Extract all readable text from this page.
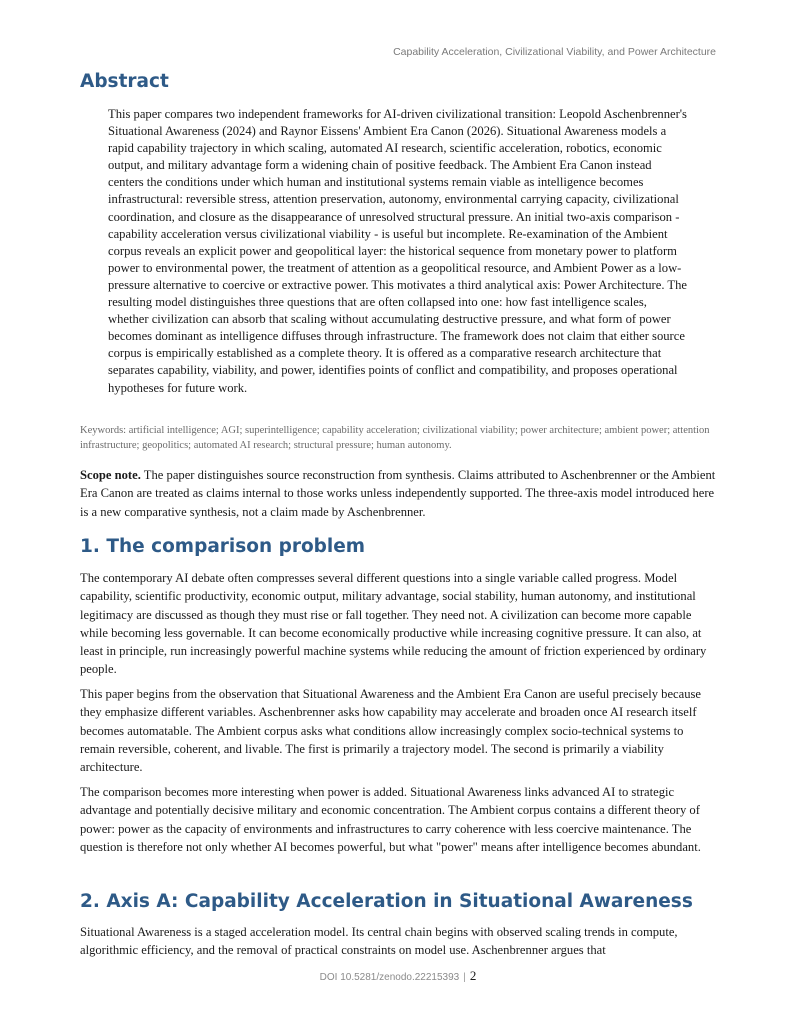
Capability Acceleration, Civilizational Viability, and Power Architecture
Abstract

This paper compares two independent frameworks for AI-driven civilizational transition: Leopold Aschenbrenner's Situational Awareness (2024) and Raynor Eissens' Ambient Era Canon (2026). Situational Awareness models a rapid capability trajectory in which scaling, automated AI research, scientific acceleration, robotics, economic output, and military advantage form a widening chain of positive feedback. The Ambient Era Canon instead centers the conditions under which human and institutional systems remain viable as intelligence becomes infrastructural: reversible stress, attention preservation, autonomy, environmental carrying capacity, civilizational coordination, and closure as the disappearance of unresolved structural pressure. An initial two-axis comparison - capability acceleration versus civilizational viability - is useful but incomplete. Re-examination of the Ambient corpus reveals an explicit power and geopolitical layer: the historical sequence from monetary power to platform power to environmental power, the treatment of attention as a geopolitical resource, and Ambient Power as a low-pressure alternative to coercive or extractive power. This motivates a third analytical axis: Power Architecture. The resulting model distinguishes three questions that are often collapsed into one: how fast intelligence scales, whether civilization can absorb that scaling without accumulating destructive pressure, and what form of power becomes dominant as intelligence diffuses through infrastructure. The framework does not claim that either source corpus is empirically established as a complete theory. It is offered as a comparative research architecture that separates capability, viability, and power, identifies points of conflict and compatibility, and proposes operational hypotheses for future work.

Keywords: artificial intelligence; AGI; superintelligence; capability acceleration; civilizational viability; power architecture; ambient power; attention infrastructure; geopolitics; automated AI research; structural pressure; human autonomy.

Scope note. The paper distinguishes source reconstruction from synthesis. Claims attributed to Aschenbrenner or the Ambient Era Canon are treated as claims internal to those works unless independently supported. The three-axis model introduced here is a new comparative synthesis, not a claim made by Aschenbrenner.

1. The comparison problem

The contemporary AI debate often compresses several different questions into a single variable called progress. Model capability, scientific productivity, economic output, military advantage, social stability, human autonomy, and institutional legitimacy are discussed as though they must rise or fall together. They need not. A civilization can become more capable while becoming less governable. It can become economically productive while increasing cognitive pressure. It can also, at least in principle, run increasingly powerful machine systems while reducing the amount of friction experienced by ordinary people.

This paper begins from the observation that Situational Awareness and the Ambient Era Canon are useful precisely because they emphasize different variables. Aschenbrenner asks how capability may accelerate and broaden once AI research itself becomes automatable. The Ambient corpus asks what conditions allow increasingly complex socio-technical systems to remain reversible, coherent, and livable. The first is primarily a trajectory model. The second is primarily a viability architecture.

The comparison becomes more interesting when power is added. Situational Awareness links advanced AI to strategic advantage and potentially decisive military and economic concentration. The Ambient corpus contains a different theory of power: power as the capacity of environments and infrastructures to carry coherence with less coercive maintenance. The question is therefore not only whether AI becomes powerful, but what "power" means after intelligence becomes abundant.

2. Axis A: Capability Acceleration in Situational Awareness

Situational Awareness is a staged acceleration model. Its central chain begins with observed scaling trends in compute, algorithmic efficiency, and the removal of practical constraints on model use. Aschenbrenner argues that

DOI 10.5281/zenodo.22215393 | 2
